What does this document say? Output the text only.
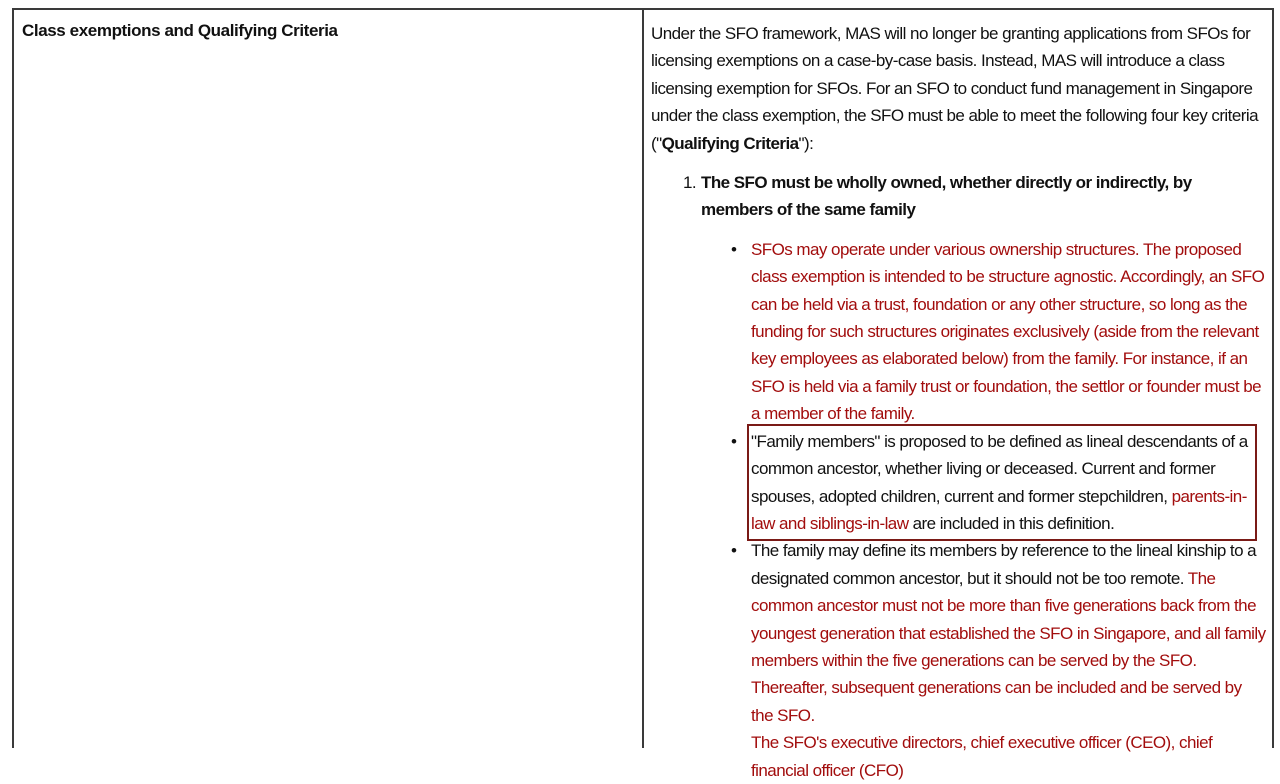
Class exemptions and Qualifying Criteria	Under the SFO framework, MAS will no longer be granting applications from SFOs for licensing exemptions on a case-by-case basis. Instead, MAS will introduce a class licensing exemption for SFOs. For an SFO to conduct fund management in Singapore under the class exemption, the SFO must be able to meet the following four key criteria ("Qualifying Criteria"):

1. The SFO must be wholly owned, whether directly or indirectly, by members of the same family
• SFOs may operate under various ownership structures. The proposed class exemption is intended to be structure agnostic. Accordingly, an SFO can be held via a trust, foundation or any other structure, so long as the funding for such structures originates exclusively (aside from the relevant key employees as elaborated below) from the family. For instance, if an SFO is held via a family trust or foundation, the settlor or founder must be a member of the family.
• "Family members" is proposed to be defined as lineal descendants of a common ancestor, whether living or deceased. Current and former spouses, adopted children, current and former stepchildren, parents-in-law and siblings-in-law are included in this definition.
• The family may define its members by reference to the lineal kinship to a designated common ancestor, but it should not be too remote. The common ancestor must not be more than five generations back from the youngest generation that established the SFO in Singapore, and all family members within the five generations can be served by the SFO. Thereafter, subsequent generations can be included and be served by the SFO.
The SFO's executive directors, chief executive officer (CEO), chief financial officer (CFO)
